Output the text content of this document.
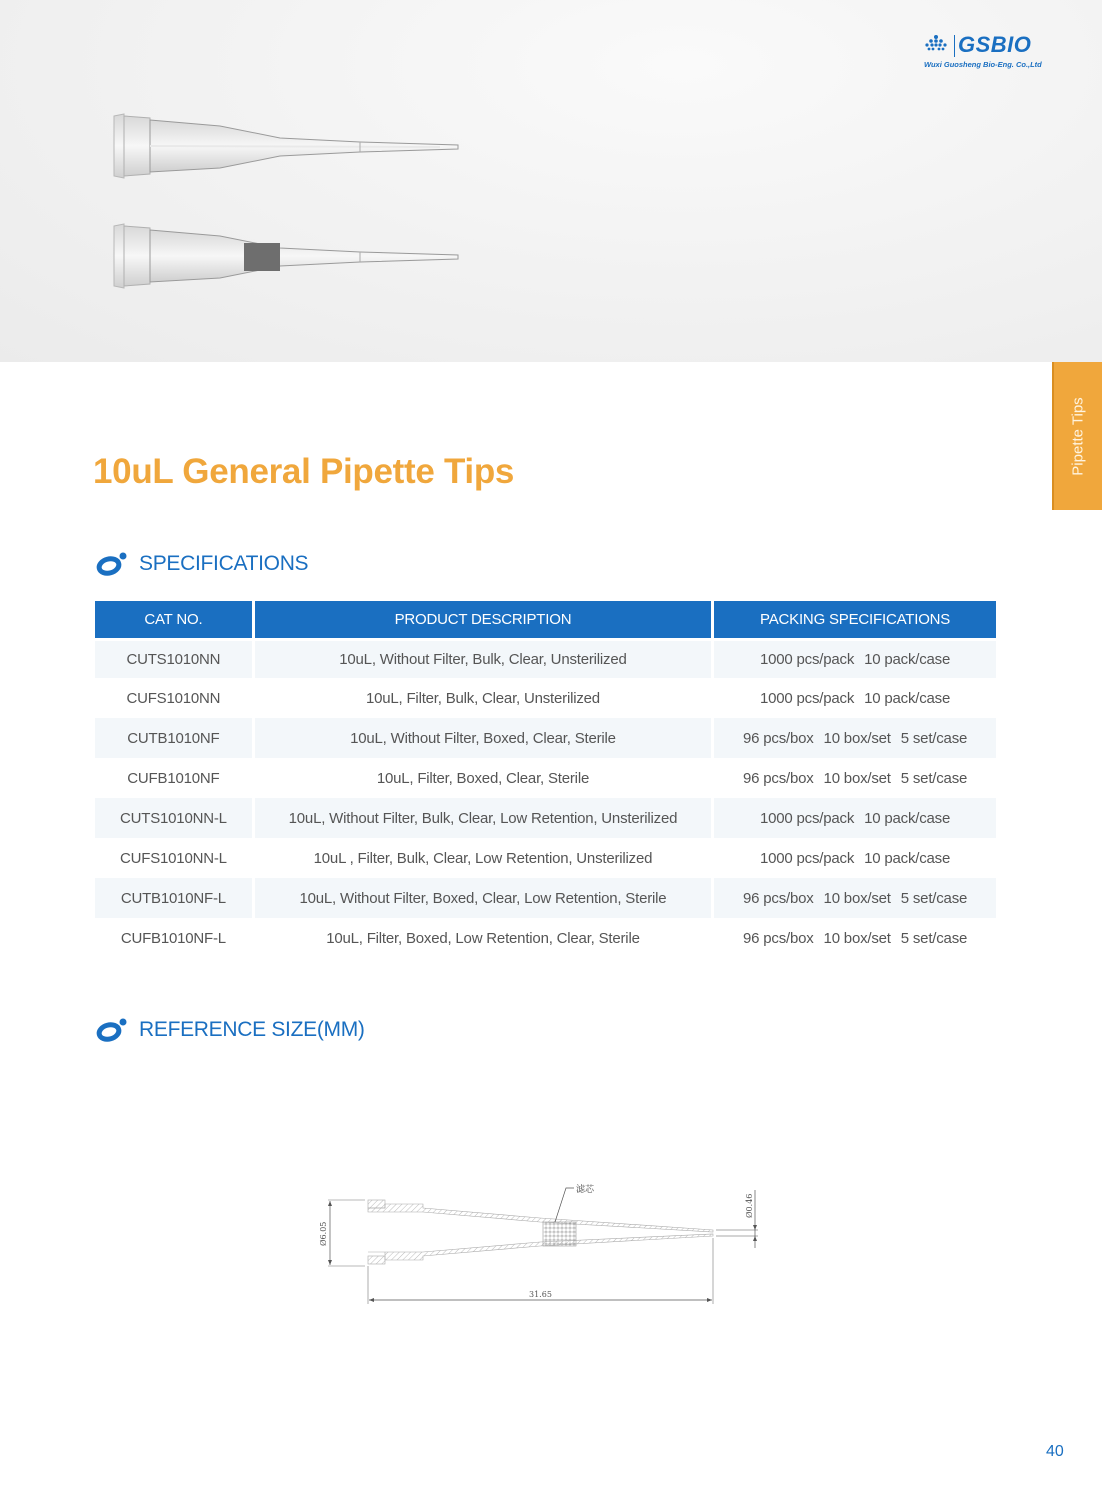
GSBIO
Wuxi Guosheng Bio-Eng. Co.,Ltd
Pipette Tips
10uL General Pipette Tips
SPECIFICATIONS
CAT NO.	PRODUCT DESCRIPTION	PACKING SPECIFICATIONS
CUTS1010NN	10uL, Without Filter, Bulk, Clear, Unsterilized	1000 pcs/pack 10 pack/case
CUFS1010NN	10uL, Filter, Bulk, Clear, Unsterilized	1000 pcs/pack 10 pack/case
CUTB1010NF	10uL, Without Filter, Boxed, Clear, Sterile	96 pcs/box 10 box/set 5 set/case
CUFB1010NF	10uL, Filter, Boxed, Clear, Sterile	96 pcs/box 10 box/set 5 set/case
CUTS1010NN-L	10uL, Without Filter, Bulk, Clear, Low Retention, Unsterilized	1000 pcs/pack 10 pack/case
CUFS1010NN-L	10uL , Filter, Bulk, Clear, Low Retention, Unsterilized	1000 pcs/pack 10 pack/case
CUTB1010NF-L	10uL, Without Filter, Boxed, Clear, Low Retention, Sterile	96 pcs/box 10 box/set 5 set/case
CUFB1010NF-L	10uL, Filter, Boxed, Low Retention, Clear, Sterile	96 pcs/box 10 box/set 5 set/case
REFERENCE SIZE(MM)
滤芯
Ø6.05
Ø0.46
31.65
40
